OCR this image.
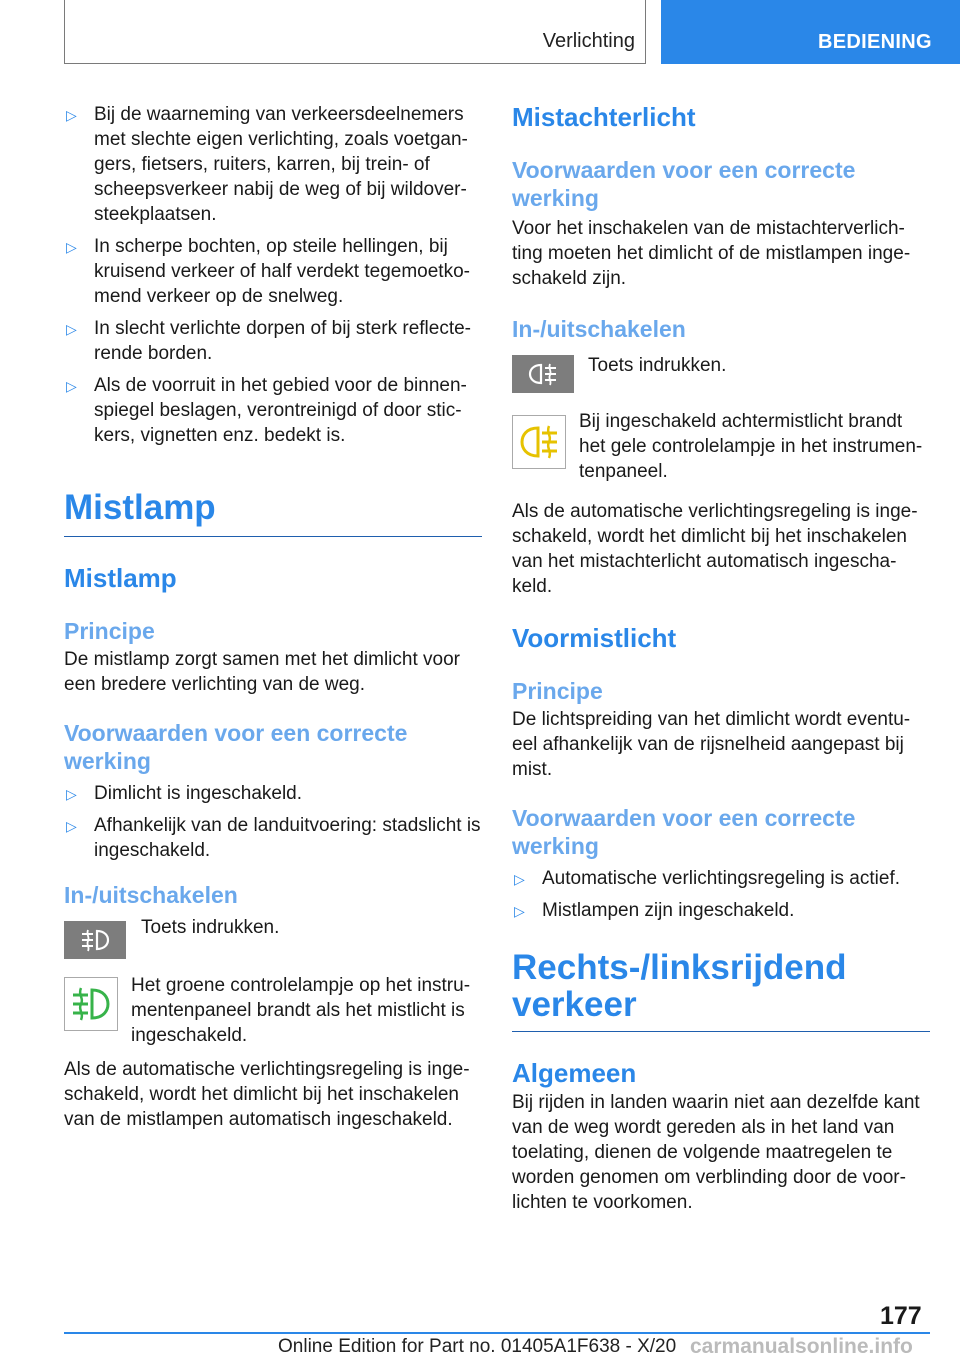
Verlichting	BEDIENING
▷ Bij de waarneming van verkeersdeelnemers met slechte eigen verlichting, zoals voetgan-gers, fietsers, ruiters, karren, bij trein- of scheepsverkeer nabij de weg of bij wildover-steekplaatsen.
▷ In scherpe bochten, op steile hellingen, bij kruisend verkeer of half verdekt tegemoetko-mend verkeer op de snelweg.
▷ In slecht verlichte dorpen of bij sterk reflecte-rende borden.
▷ Als de voorruit in het gebied voor de binnen-spiegel beslagen, verontreinigd of door stic-kers, vignetten enz. bedekt is.
Mistlamp
Mistlamp
Principe

De mistlamp zorgt samen met het dimlicht voor een bredere verlichting van de weg.

Voorwaarden voor een correcte werking
▷ Dimlicht is ingeschakeld.
▷ Afhankelijk van de landuitvoering: stadslicht is ingeschakeld.
In-/uitschakelen
Toets indrukken.
Het groene controlelampje op het instru-mentenpaneel brandt als het mistlicht is ingeschakeld.

Als de automatische verlichtingsregeling is inge-schakeld, wordt het dimlicht bij het inschakelen van de mistlampen automatisch ingeschakeld.

Mistachterlicht
Voorwaarden voor een correcte werking

Voor het inschakelen van de mistachterverlich-ting moeten het dimlicht of de mistlampen inge-schakeld zijn.

In-/uitschakelen
Toets indrukken.
Bij ingeschakeld achtermistlicht brandt het gele controlelampje in het instrumen-tenpaneel.

Als de automatische verlichtingsregeling is inge-schakeld, wordt het dimlicht bij het inschakelen van het mistachterlicht automatisch ingescha-keld.

Voormistlicht
Principe

De lichtspreiding van het dimlicht wordt eventu-eel afhankelijk van de rijsnelheid aangepast bij mist.

Voorwaarden voor een correcte werking
▷ Automatische verlichtingsregeling is actief.
▷ Mistlampen zijn ingeschakeld.
Rechts-/linksrijdend verkeer
Algemeen

Bij rijden in landen waarin niet aan dezelfde kant van de weg wordt gereden als in het land van toelating, dienen de volgende maatregelen te worden genomen om verblinding door de voor-lichten te voorkomen.

177
Online Edition for Part no. 01405A1F638 - X/20 carmanualsonline.info
